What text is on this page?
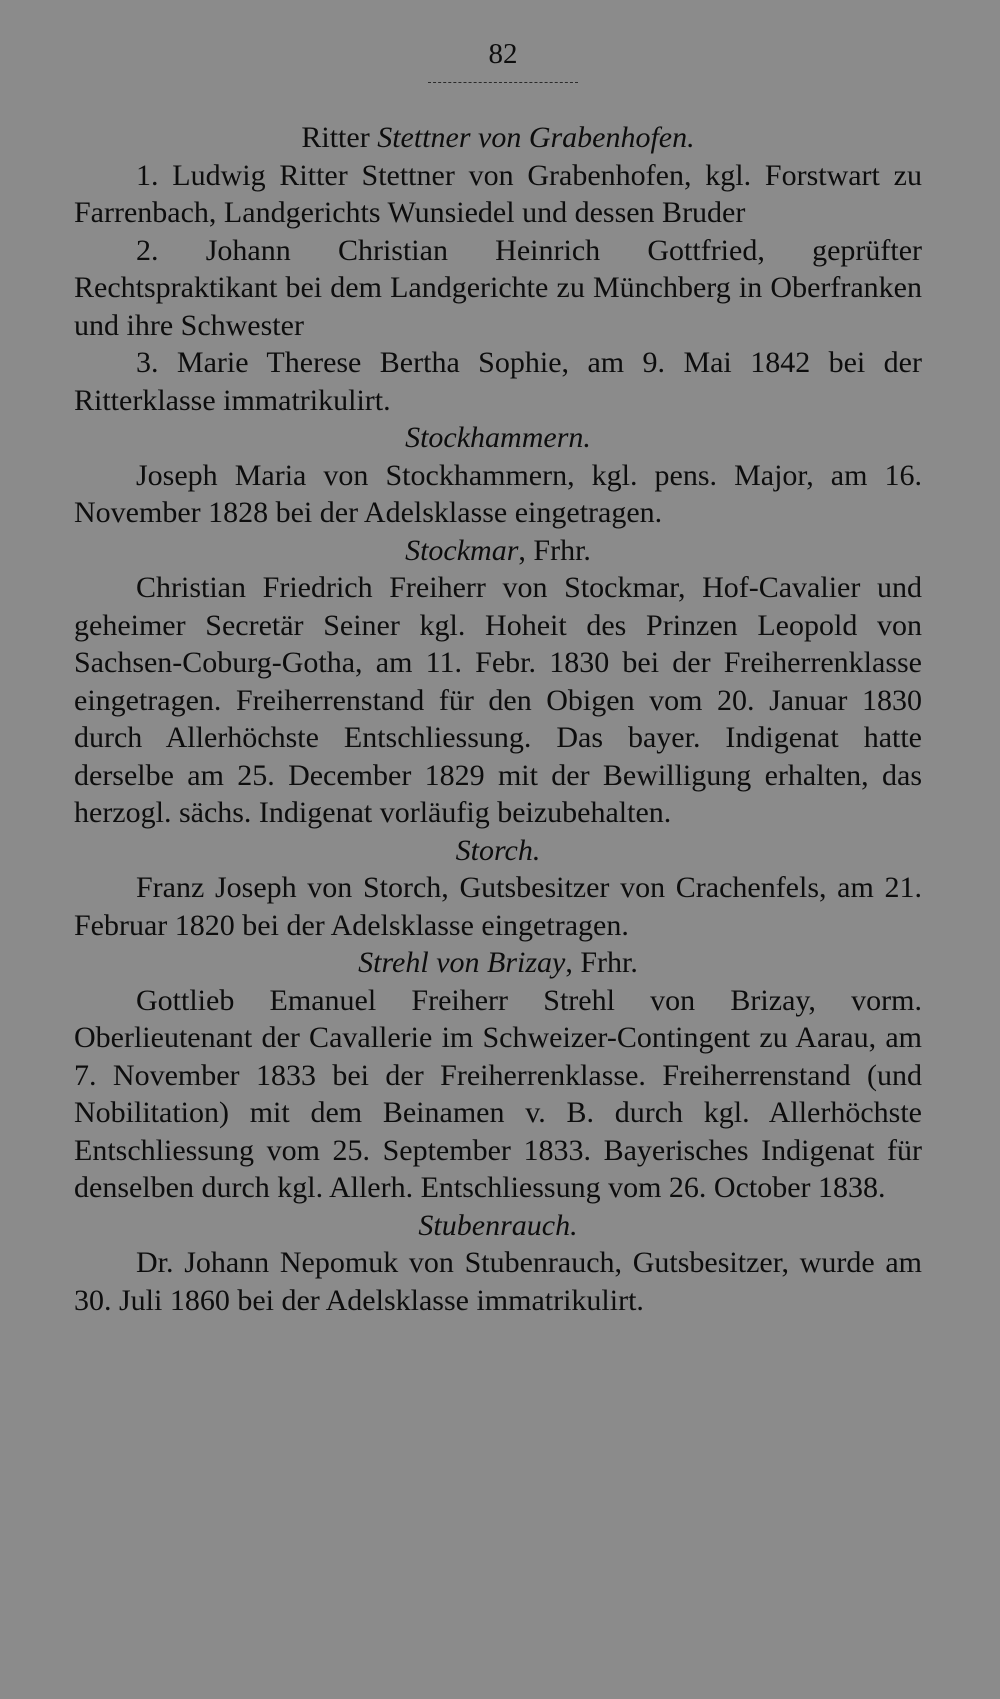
82

Ritter Stettner von Grabenhofen.

1. Ludwig Ritter Stettner von Grabenhofen, kgl. Forstwart zu Farrenbach, Landgerichts Wunsiedel und dessen Bruder

2. Johann Christian Heinrich Gottfried, geprüfter Rechtspraktikant bei dem Landgerichte zu Münchberg in Oberfranken und ihre Schwester

3. Marie Therese Bertha Sophie, am 9. Mai 1842 bei der Ritterklasse immatrikulirt.

Stockhammern.

Joseph Maria von Stockhammern, kgl. pens. Major, am 16. November 1828 bei der Adelsklasse eingetragen.

Stockmar, Frhr.

Christian Friedrich Freiherr von Stockmar, Hof-Cavalier und geheimer Secretär Seiner kgl. Hoheit des Prinzen Leopold von Sachsen-Coburg-Gotha, am 11. Febr. 1830 bei der Freiherrenklasse eingetragen. Freiherrenstand für den Obigen vom 20. Januar 1830 durch Allerhöchste Entschliessung. Das bayer. Indigenat hatte derselbe am 25. December 1829 mit der Bewilligung erhalten, das herzogl. sächs. Indigenat vorläufig beizubehalten.

Storch.

Franz Joseph von Storch, Gutsbesitzer von Crachenfels, am 21. Februar 1820 bei der Adelsklasse eingetragen.

Strehl von Brizay, Frhr.

Gottlieb Emanuel Freiherr Strehl von Brizay, vorm. Oberlieutenant der Cavallerie im Schweizer-Contingent zu Aarau, am 7. November 1833 bei der Freiherrenklasse. Freiherrenstand (und Nobilitation) mit dem Beinamen v. B. durch kgl. Allerhöchste Entschliessung vom 25. September 1833. Bayerisches Indigenat für denselben durch kgl. Allerh. Entschliessung vom 26. October 1838.

Stubenrauch.

Dr. Johann Nepomuk von Stubenrauch, Gutsbesitzer, wurde am 30. Juli 1860 bei der Adelsklasse immatrikulirt.
